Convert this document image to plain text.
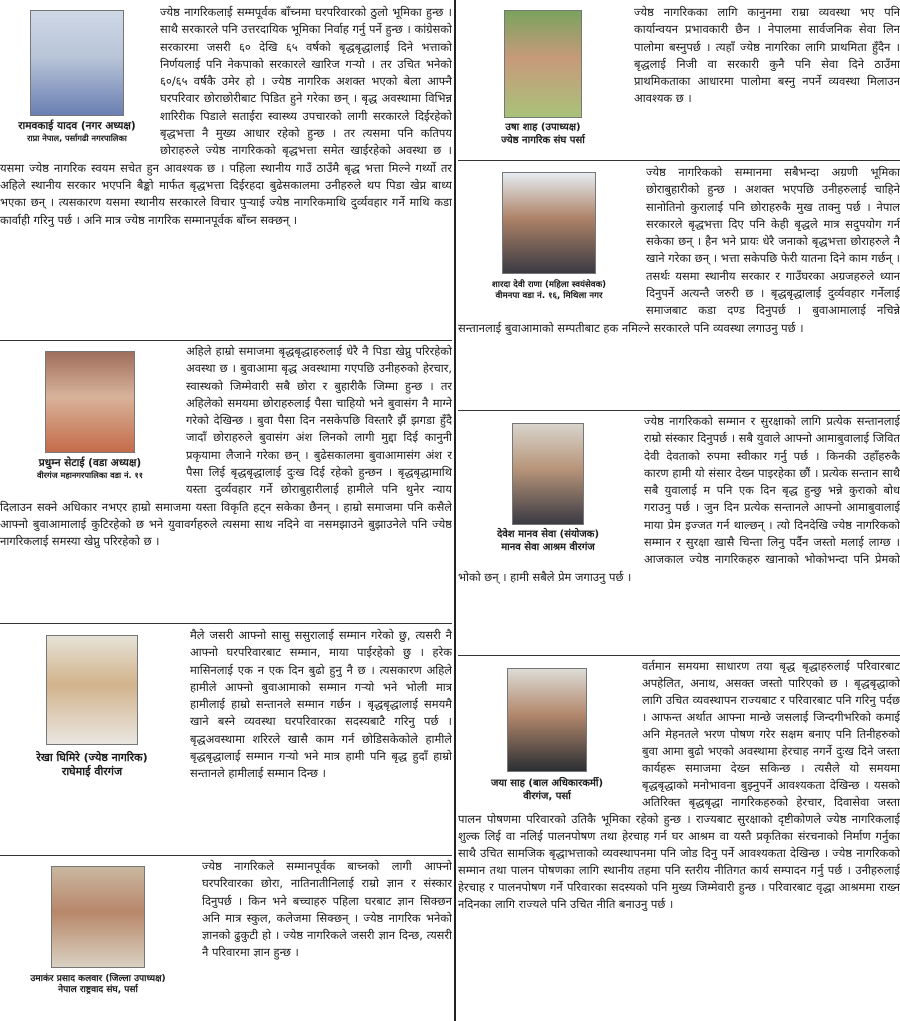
रामवकाई यादव (नगर अध्यक्ष)
राप्रा नेपाल, पर्सागढी नगरपालिका

ज्येष्ठ नागरिकलाई सम्मपूर्वक बाँच्नमा घरपरिवारको ठुलो भूमिका हुन्छ । साथै सरकारले पनि उत्तरदायिक भूमिका निर्वाह गर्नु पर्ने हुन्छ । कांग्रेसको सरकारमा जसरी ६० देखि ६५ वर्षको बृद्धबृद्धालाई दिने भत्ताको निर्णयलाई पनि नेकपाको सरकारले खारिज गऱ्यो । तर उचित भनेको ६०/६५ वर्षकै उमेर हो । ज्येष्ठ नागरिक अशक्त भएको बेला आफ्नै घरपरिवार छोराछोरीबाट पिडित हुने गरेका छन् । बृद्ध अवस्थामा विभिन्न शारिरीक पिडाले सताईरा स्वास्थ्य उपचारको लागी सरकारले दिईरहेको बृद्धभत्ता नै मुख्य आधार रहेको हुन्छ । तर त्यसमा पनि कतिपय छोराहरुले ज्येष्ठ नागरिकको बृद्धभत्ता समेत खाईरहेको अवस्था छ । यसमा ज्येष्ठ नागरिक स्वयम सचेत हुन आवश्यक छ । पहिला स्थानीय गाउँ ठाउँमै बृद्ध भत्ता मिल्ने गर्थ्यो तर अहिले स्थानीय सरकार भएपनि बैङ्को मार्फत बृद्धभत्ता दिईरहदा बुढेसकालमा उनीहरुले थप पिडा खेप्न बाध्य भएका छन् । त्यसकारण यसमा स्थानीय सरकारले विचार पुऱ्याई ज्येष्ठ नागरिकमाथि दुर्व्यवहार गर्ने माथि कडा कार्वाही गरिनु पर्छ । अनि मात्र ज्येष्ठ नागरिक सम्मानपूर्वक बाँच्न सक्छन् ।

प्रधुम्न सेटाई (वडा अध्यक्ष)
वीरगंज महानगरपालिका वडा नं. ११

अहिले हाम्रो समाजमा बृद्धबृद्धाहरुलाई धेरै नै पिडा खेप्नु परिरहेको अवस्था छ । बुवाआमा बृद्ध अवस्थामा गएपछि उनीहरुको हेरचार, स्वास्थको जिम्मेवारी सबै छोरा र बुहारीकै जिम्मा हुन्छ । तर अहिलेको समयमा छोराहरुलाई पैसा चाहियो भने बुवासंग नै माग्ने गरेको देखिन्छ । बुवा पैसा दिन नसकेपछि विस्तारै झैं झगडा हुँदै जादाँ छोराहरुले बुवासंग अंश लिनको लागी मुद्दा दिई कानुनी प्रकृयामा लैजाने गरेका छन् । बुढेसकालमा बुवाआमासंग अंश र पैसा लिई बृद्धबृद्धालाई दुःख दिई रहेको हुन्छन । बृद्धबृद्धामाथि यस्ता दुर्व्यवहार गर्ने छोराबुहारीलाई हामीले पनि थुनेर न्याय दिलाउन सक्ने अधिकार नभएर हाम्रो समाजमा यस्ता विकृति हट्न सकेका छैनन् । हाम्रो समाजमा पनि कसैले आफ्नो बुवाआमालाई कुटिरहेको छ भने युवावर्गहरुले त्यसमा साथ नदिने वा नसमझाउने बुझाउनेले पनि ज्येष्ठ नागरिकलाई समस्या खेप्नु परिरहेको छ ।

रेखा घिमिरे (ज्येष्ठ नागरिक)
राघेमाई वीरगंज

मैले जसरी आफ्नो सासु ससुरालाई सम्मान गरेको छु, त्यसरी नै आफ्नो घरपरिवारबाट सम्मान, माया पाईरहेको छु । हरेक मासिनलाई एक न एक दिन बुढो हुनु नै छ । त्यसकारण अहिले हामीले आफ्नो बुवाआमाको सम्मान गऱ्यो भने भोली मात्र हामीलाई हाम्रो सन्तानले सम्मान गर्छन । बृद्धबृद्धालाई समयमै खाने बस्ने व्यवस्था घरपरिवारका सदस्यबाटै गरिनु पर्छ । बृद्धअवस्थामा शरिरले खासै काम गर्न छोडिसकेकोले हामीले बृद्धबृद्धालाई सम्मान गऱ्यो भने मात्र हामी पनि बृद्ध हुदाँ हाम्रो सन्तानले हामीलाई सम्मान दिन्छ ।

उमाकंर प्रसाद कलवार (जिल्ला उपाध्यक्ष)
नेपाल राष्ट्रवाद संघ, पर्सा

ज्येष्ठ नागरिकले सम्मानपूर्वक बाच्नको लागी आफ्नो घरपरिवारका छोरा, नातिनातीनिलाई राम्रो ज्ञान र संस्कार दिनुपर्छ । किन भने बच्चाहरु पहिला घरबाट ज्ञान सिक्छन अनि मात्र स्कुल, कलेजमा सिक्छन् । ज्येष्ठ नागरिक भनेको ज्ञानको ढुकुटी हो । ज्येष्ठ नागरिकले जसरी ज्ञान दिन्छ, त्यसरी नै परिवारमा ज्ञान हुन्छ ।

उषा शाह (उपाध्यक्ष)
ज्येष्ठ नागरिक संघ पर्सा

ज्येष्ठ नागरिकका लागि कानुनमा राम्रा व्यवस्था भए पनि कार्यान्वयन प्रभावकारी छैन । नेपालमा सार्वजनिक सेवा लिन पालोमा बस्नुपर्छ । त्यहाँ ज्येष्ठ नागरिका लागि प्राथमिता हुँदैन । बृद्धलाई निजी वा सरकारी कुनै पनि सेवा दिने ठाउँमा प्राथमिकताका आधारमा पालोमा बस्नु नपर्ने व्यवस्था मिलाउन आवश्यक छ ।

शारदा देवी राणा (महिला स्वयंसेवक)
वीमनपा वडा नं. १६, मिथिला नगर

ज्येष्ठ नागरिकको सम्मानमा सबैभन्दा अग्रणी भूमिका छोराबुहारीको हुन्छ । अशक्त भएपछि उनीहरुलाई चाहिने सानोतिनो कुरालाई पनि छोराहरुकै मुख ताक्नु पर्छ । नेपाल सरकारले बृद्धभत्ता दिए पनि केही बृद्धले मात्र सदुपयोग गर्न सकेका छन् । हैन भने प्रायः धेरै जनाको बृद्धभत्ता छोराहरुले नै खाने गरेका छन् । भत्ता सकेपछि फेरी यातना दिने काम गर्छन् । तसर्थः यसमा स्थानीय सरकार र गाउँघरका अग्रजहरुले ध्यान दिनुपर्ने अत्यन्तै जरुरी छ । बृद्धबृद्धालाई दुर्व्यवहार गर्नेलाई समाजबाट कडा दण्ड दिनुपर्छ । बुवाआमालाई नचिन्ने सन्तानलाई बुवाआमाको सम्पतीबाट हक नमिल्ने सरकारले पनि व्यवस्था लगाउनु पर्छ ।

देवेश मानव सेवा (संयोजक)
मानव सेवा आश्रम वीरगंज

ज्येष्ठ नागरिकको सम्मान र सुरक्षाको लागि प्रत्येक सन्तानलाई राम्रो संस्कार दिनुपर्छ । सबै युवाले आफ्नो आमाबुवालाई जिवित देवी देवताको रुपमा स्वीकार गर्नु पर्छ । किनकी उहाँहरुकै कारण हामी यो संसार देख्न पाइरहेका छौं । प्रत्येक सन्तान साथै सबै युवालाई म पनि एक दिन बृद्ध हुन्छु भन्ने कुराको बोध गराउनु पर्छ । जुन दिन प्रत्येक सन्तानले आफ्नो आमाबुवालाई माया प्रेम इज्जत गर्न थाल्छन् । त्यो दिनदेखि ज्येष्ठ नागरिकको सम्मान र सुरक्षा खासै चिन्ता लिनु पर्दैन जस्तो मलाई लाग्छ । आजकाल ज्येष्ठ नागरिकहरु खानाको भोकोभन्दा पनि प्रेमको भोको छन् । हामी सबैले प्रेम जगाउनु पर्छ ।

जया साह (बाल अधिकारकर्मी)
वीरगंज, पर्सा

वर्तमान समयमा साधारण तया बृद्ध बृद्धाहरुलाई परिवारबाट अपहेलित, अनाथ, असक्त जस्तो पारिएको छ । बृद्धबृद्धाको लागि उचित व्यवस्थापन राज्यबाट र परिवारबाट पनि गरिनु पर्दछ । आफन्त अर्थात आफ्ना मान्छे जसलाई जिन्दगीभरिको कमाई अनि मेहनतले भरण पोषण गरेर सक्षम बनाए पनि तिनीहरुको बुवा आमा बुढो भएको अवस्थामा हेरचाह नगर्ने दुःख दिने जस्ता कार्यहरू समाजमा देख्न सकिन्छ । त्यसैले यो समयमा बृद्धबृद्धाको मनोभावना बुझ्नुपर्ने आवश्यकता देखिन्छ । यसको अतिरिक्त बृद्धबृद्धा नागरिकहरुको हेरचार, दिवासेवा जस्ता पालन पोषणमा परिवारको उतिकै भूमिका रहेको हुन्छ । राज्यबाट सुरक्षाको दृष्टीकोणले ज्येष्ठ नागरिकलाई शुल्क लिई वा नलिई पालनपोषण तथा हेरचाह गर्न घर आश्रम वा यस्तै प्रकृतिका संरचनाको निर्माण गर्नुका साथै उचित सामजिक बृद्धाभत्ताको व्यवस्थापनमा पनि जोड दिनु पर्ने आवश्यकता देखिन्छ । ज्येष्ठ नागरिकको सम्मान तथा पालन पोषणका लागि स्थानीय तहमा पनि स्तरीय नीतिगत कार्य सम्पादन गर्नु पर्छ । उनीहरुलाई हेरचाह र पालनपोषण गर्ने परिवारका सदस्यको पनि मुख्य जिम्मेवारी हुन्छ । परिवारबाट वृद्धा आश्रममा राख्न नदिनका लागि राज्यले पनि उचित नीति बनाउनु पर्छ ।
